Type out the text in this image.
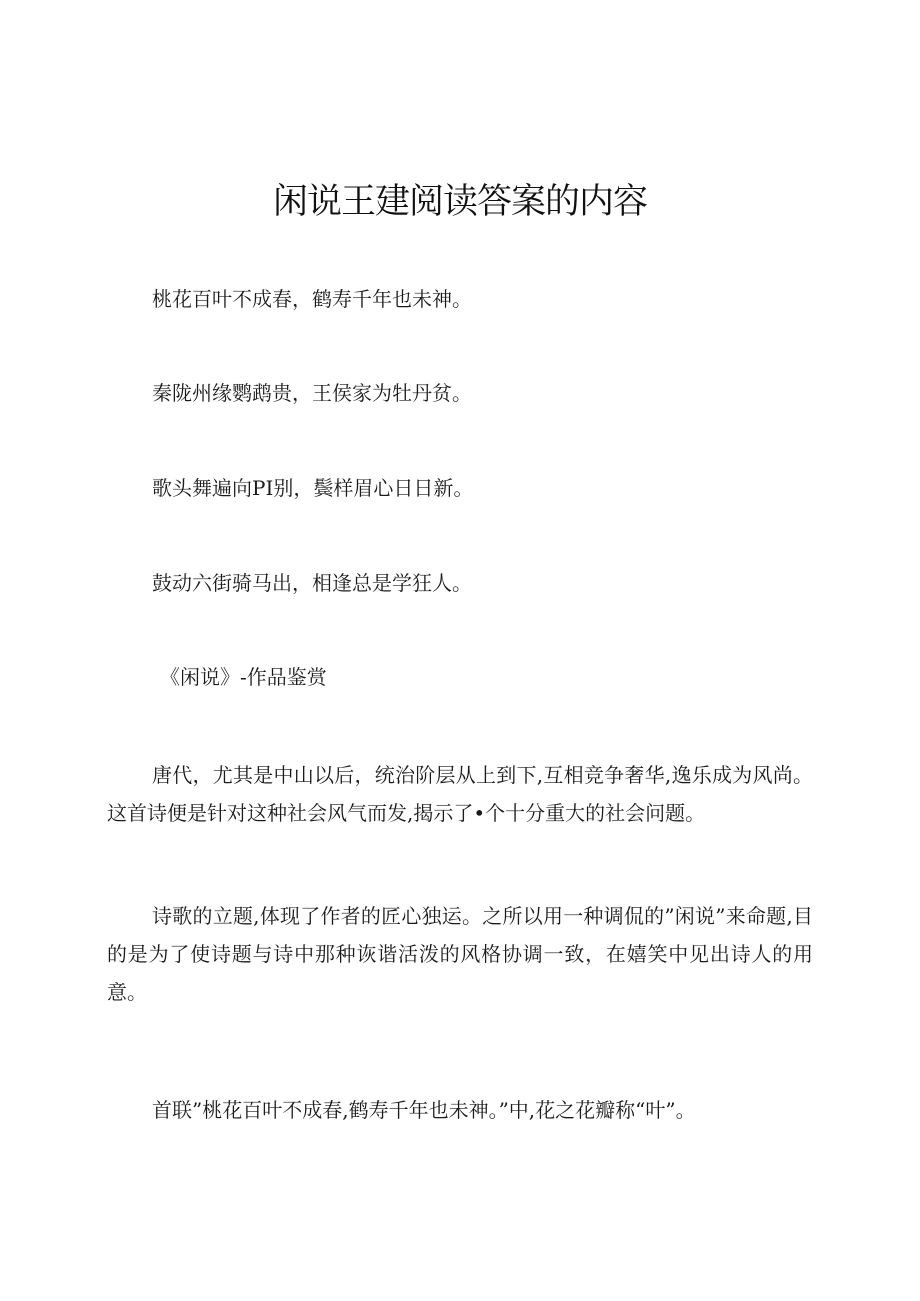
闲说王建阅读答案的内容

桃花百叶不成春，鹤寿千年也未神。

秦陇州缘鹦鹉贵，王侯家为牡丹贫。

歌头舞遍向PI别，鬓样眉心日日新。

鼓动六街骑马出，相逢总是学狂人。

《闲说》-作品鉴赏

唐代，尤其是中山以后，统治阶层从上到下,互相竞争奢华,逸乐成为风尚。这首诗便是针对这种社会风气而发,揭示了•个十分重大的社会问题。

诗歌的立题,体现了作者的匠心独运。之所以用一种调侃的”闲说”来命题,目的是为了使诗题与诗中那种诙谐活泼的风格协调一致，在嬉笑中见出诗人的用意。

首联”桃花百叶不成春,鹤寿千年也未神。”中,花之花瓣称“叶”。
